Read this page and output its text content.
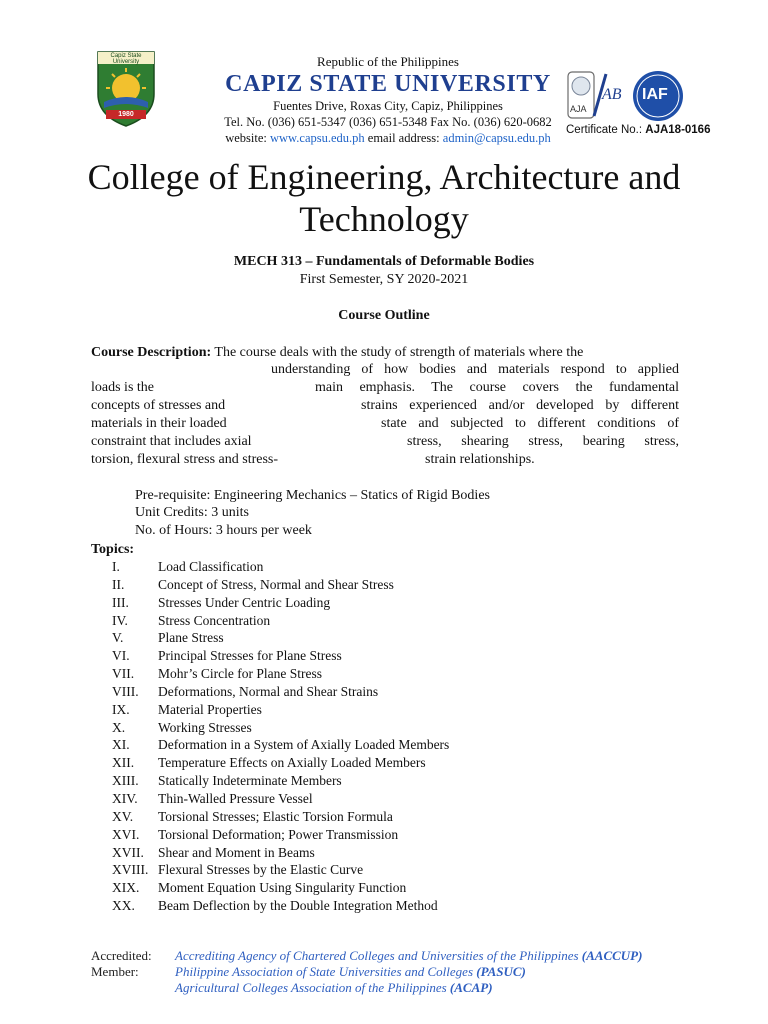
Capiz State University
1980
Republic of the Philippines
CAPIZ STATE UNIVERSITY
Fuentes Drive, Roxas City, Capiz, Philippines
Tel. No. (036) 651-5347 (036) 651-5348 Fax No. (036) 620-0682
website: www.capsu.edu.ph email address: admin@capsu.edu.ph
AJA
AB IAF
Certificate No.: AJA18-0166
College of Engineering, Architecture and Technology
MECH 313 – Fundamentals of Deformable Bodies
First Semester, SY 2020-2021
Course Outline
Course Description: The course deals with the study of strength of materials where the
understanding of how bodies and materials respond to applied
loads is the	main emphasis. The course covers the fundamental
concepts of stresses and	strains experienced and/or developed by different
materials in their loaded	state and subjected to different conditions of
constraint that includes axial	stress, shearing stress, bearing stress,
torsion, flexural stress and stress-	strain relationships.
Pre-requisite: Engineering Mechanics – Statics of Rigid Bodies
Unit Credits: 3 units
No. of Hours: 3 hours per week
Topics:
I.	Load Classification
II. Concept of Stress, Normal and Shear Stress
III. Stresses Under Centric Loading
IV. Stress Concentration
V.	Plane Stress
VI. Principal Stresses for Plane Stress
VII. Mohr’s Circle for Plane Stress
VIII. Deformations, Normal and Shear Strains
IX. Material Properties
X. Working Stresses
XI. Deformation in a System of Axially Loaded Members
XII. Temperature Effects on Axially Loaded Members
XIII. Statically Indeterminate Members
XIV. Thin-Walled Pressure Vessel
XV. Torsional Stresses; Elastic Torsion Formula
XVI. Torsional Deformation; Power Transmission
XVII. Shear and Moment in Beams
XVIII. Flexural Stresses by the Elastic Curve
XIX. Moment Equation Using Singularity Function
XX. Beam Deflection by the Double Integration Method
Accredited: Accrediting Agency of Chartered Colleges and Universities of the Philippines (AACCUP)
Member:	Philippine Association of State Universities and Colleges (PASUC)
Agricultural Colleges Association of the Philippines (ACAP)
